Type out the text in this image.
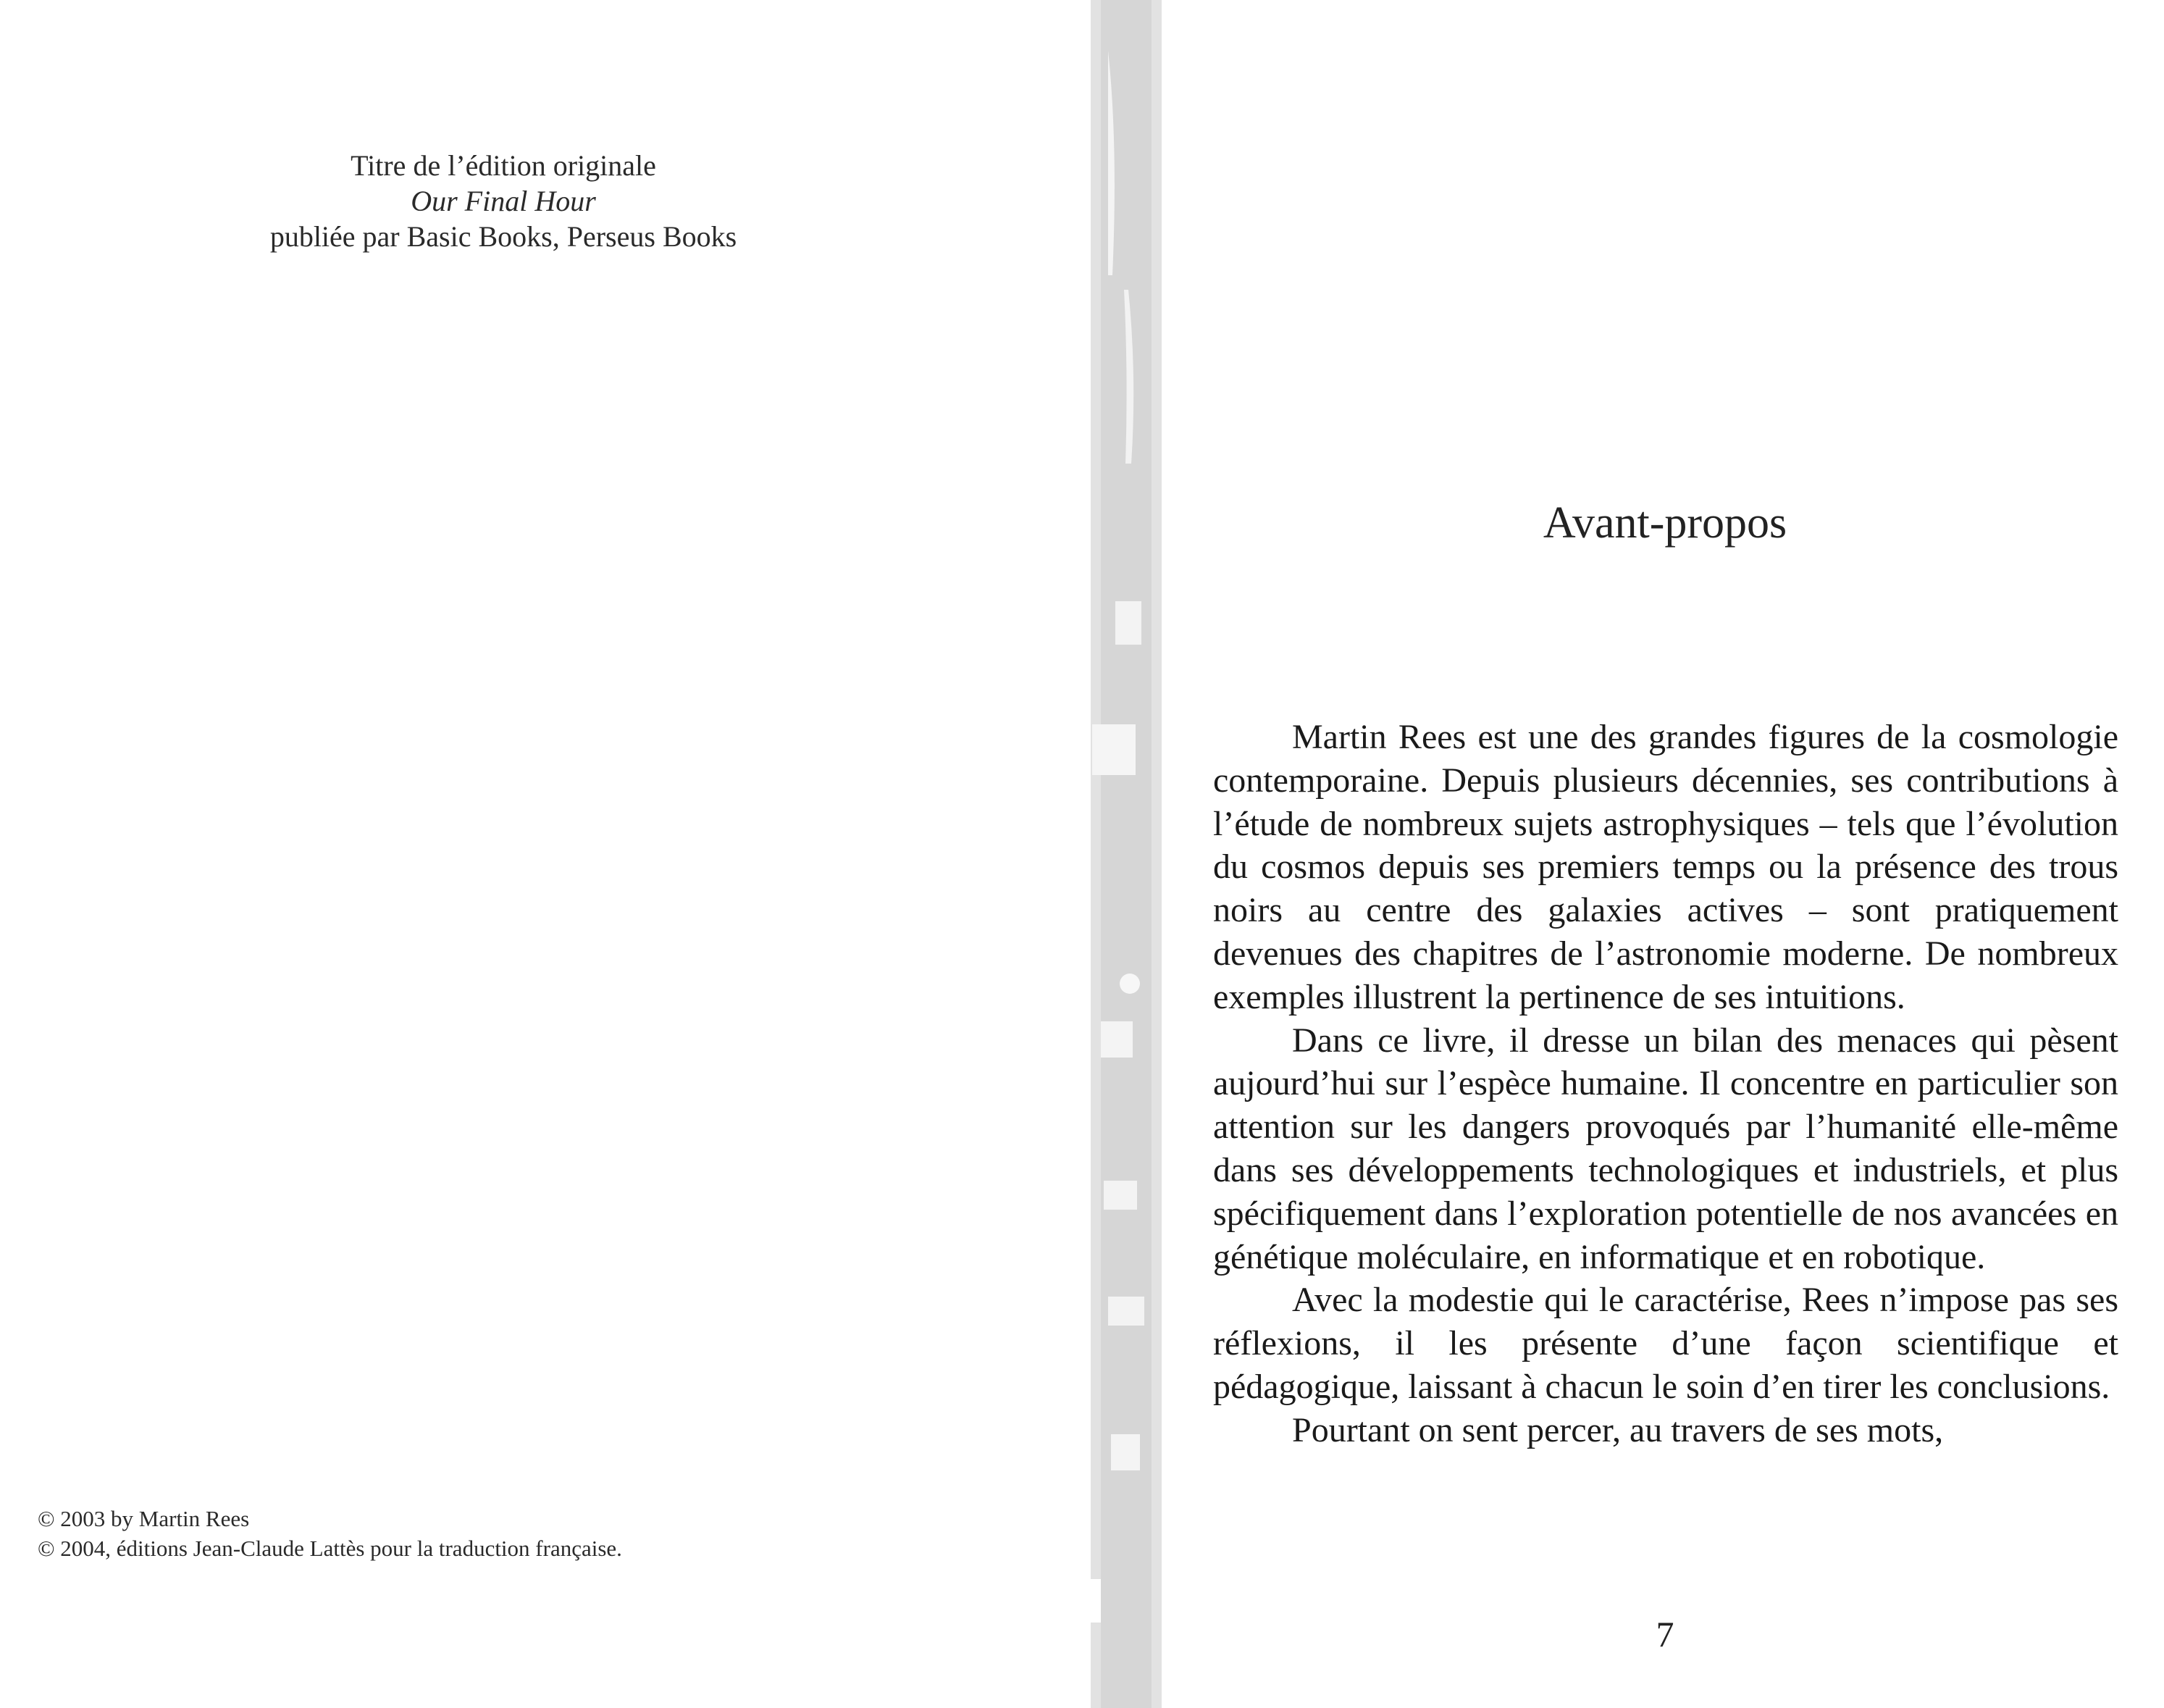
Titre de l’édition originale
Our Final Hour
publiée par Basic Books, Perseus Books
© 2003 by Martin Rees
© 2004, éditions Jean-Claude Lattès pour la traduction française.
Avant-propos

Martin Rees est une des grandes figures de la cosmologie contemporaine. Depuis plusieurs décennies, ses contributions à l’étude de nombreux sujets astrophysiques – tels que l’évolution du cosmos depuis ses premiers temps ou la présence des trous noirs au centre des galaxies actives – sont pratiquement devenues des chapitres de l’astronomie moderne. De nombreux exemples illustrent la pertinence de ses intuitions.

Dans ce livre, il dresse un bilan des menaces qui pèsent aujourd’hui sur l’espèce humaine. Il concentre en particulier son attention sur les dangers provoqués par l’humanité elle-même dans ses développements technologiques et industriels, et plus spécifiquement dans l’exploration potentielle de nos avancées en génétique moléculaire, en informatique et en robotique.

Avec la modestie qui le caractérise, Rees n’impose pas ses réflexions, il les présente d’une façon scientifique et pédagogique, laissant à chacun le soin d’en tirer les conclusions.

Pourtant on sent percer, au travers de ses mots,

7
